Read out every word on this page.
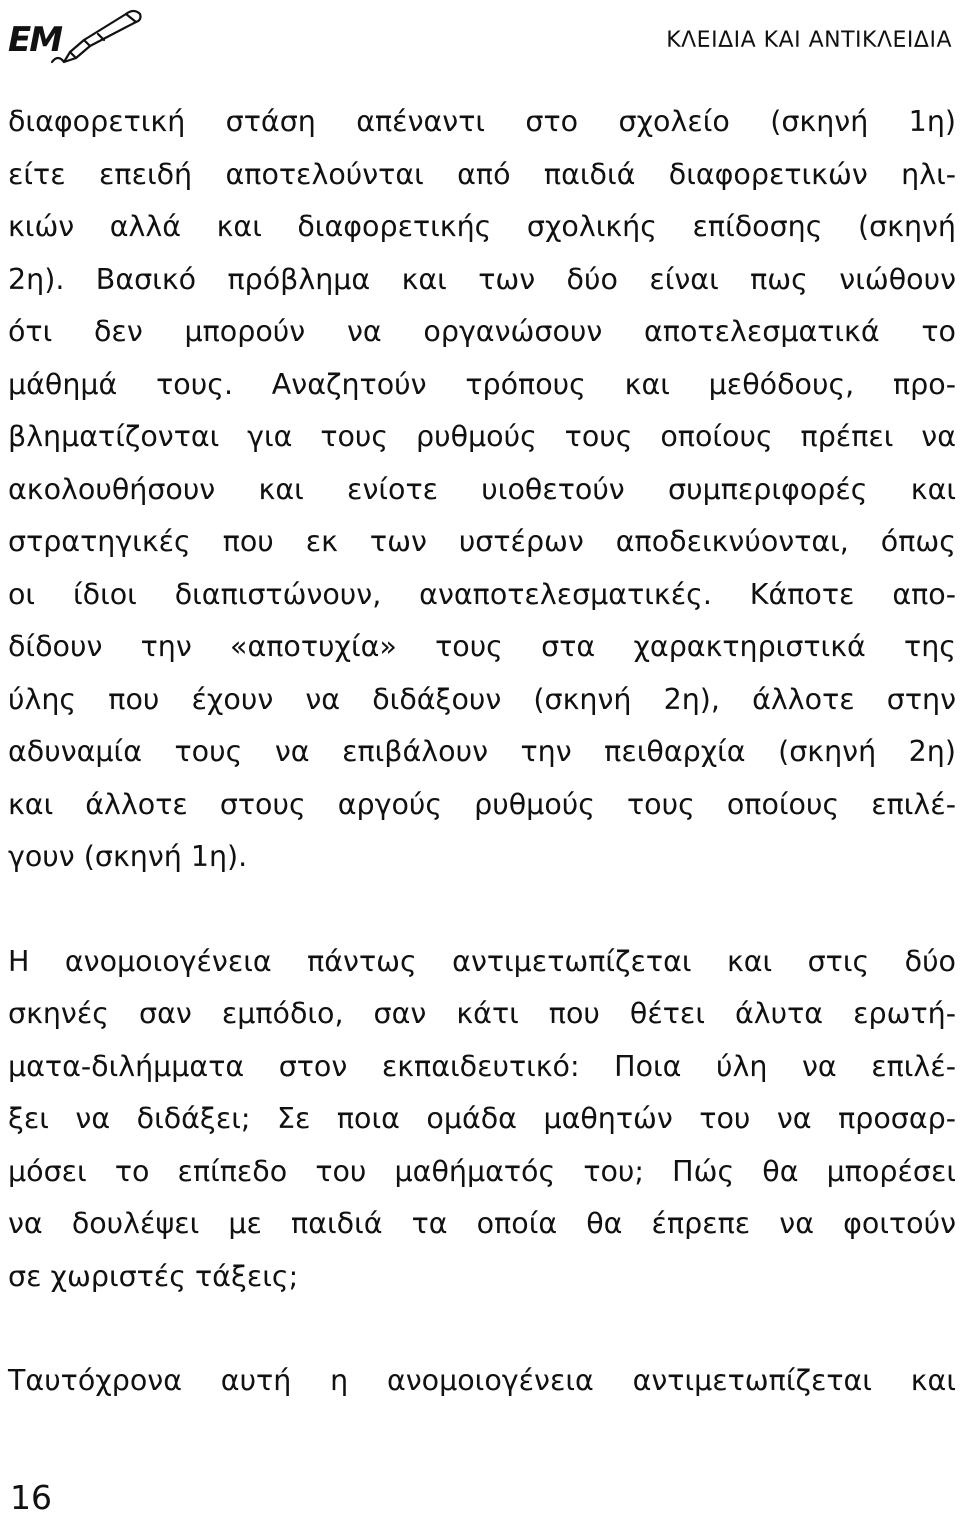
EM	ΚΛΕΙΔΙΑ ΚΑΙ ΑΝΤΙΚΛΕΙΔΙΑ
διαφορετική στάση απέναντι στο σχολείο (σκηνή 1η)
είτε επειδή αποτελούνται από παιδιά διαφορετικών ηλι-
κιών αλλά και διαφορετικής σχολικής επίδοσης (σκηνή
2η). Βασικό πρόβλημα και των δύο είναι πως νιώθουν
ότι δεν μπορούν να οργανώσουν αποτελεσματικά το
μάθημά τους. Αναζητούν τρόπους και μεθόδους, προ-
βληματίζονται για τους ρυθμούς τους οποίους πρέπει να
ακολουθήσουν και ενίοτε υιοθετούν συμπεριφορές και
στρατηγικές που εκ των υστέρων αποδεικνύονται, όπως
οι ίδιοι διαπιστώνουν, αναποτελεσματικές. Κάποτε απο-
δίδουν την «αποτυχία» τους στα χαρακτηριστικά της
ύλης που έχουν να διδάξουν (σκηνή 2η), άλλοτε στην
αδυναμία τους να επιβάλουν την πειθαρχία (σκηνή 2η)
και άλλοτε στους αργούς ρυθμούς τους οποίους επιλέ-
γουν (σκηνή 1η).
Η ανομοιογένεια πάντως αντιμετωπίζεται και στις δύο
σκηνές σαν εμπόδιο, σαν κάτι που θέτει άλυτα ερωτή-
ματα-διλήμματα στον εκπαιδευτικό: Ποια ύλη να επιλέ-
ξει να διδάξει; Σε ποια ομάδα μαθητών του να προσαρ-
μόσει το επίπεδο του μαθήματός του; Πώς θα μπορέσει
να δουλέψει με παιδιά τα οποία θα έπρεπε να φοιτούν
σε χωριστές τάξεις;
Ταυτόχρονα αυτή η ανομοιογένεια αντιμετωπίζεται και
16
